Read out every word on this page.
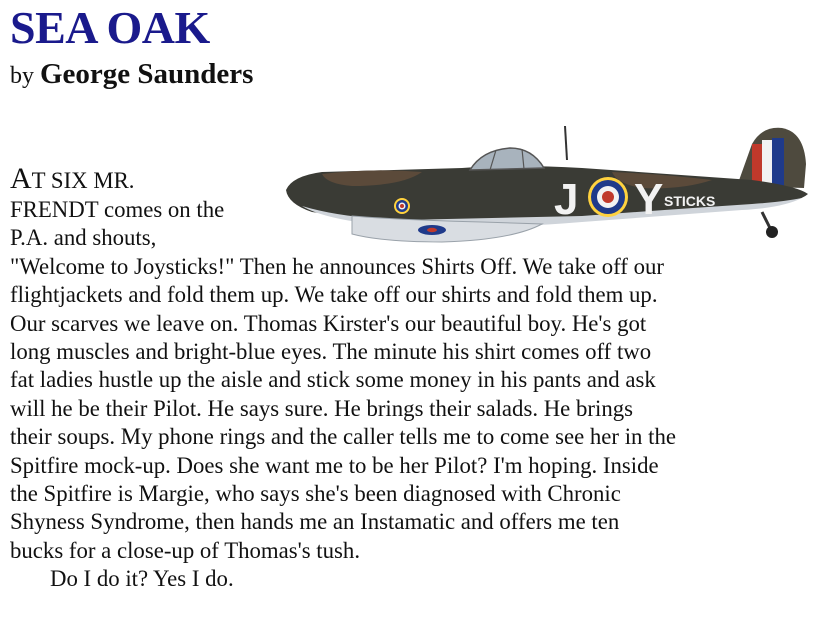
SEA OAK
by George Saunders
J Y STICKS
AT SIX MR.
FRENDT comes on the
P.A. and shouts,
"Welcome to Joysticks!" Then he announces Shirts Off. We take off our
flightjackets and fold them up. We take off our shirts and fold them up.
Our scarves we leave on. Thomas Kirster's our beautiful boy. He's got
long muscles and bright-blue eyes. The minute his shirt comes off two
fat ladies hustle up the aisle and stick some money in his pants and ask
will he be their Pilot. He says sure. He brings their salads. He brings
their soups. My phone rings and the caller tells me to come see her in the
Spitfire mock-up. Does she want me to be her Pilot? I'm hoping. Inside
the Spitfire is Margie, who says she's been diagnosed with Chronic
Shyness Syndrome, then hands me an Instamatic and offers me ten
bucks for a close-up of Thomas's tush.
Do I do it? Yes I do.
